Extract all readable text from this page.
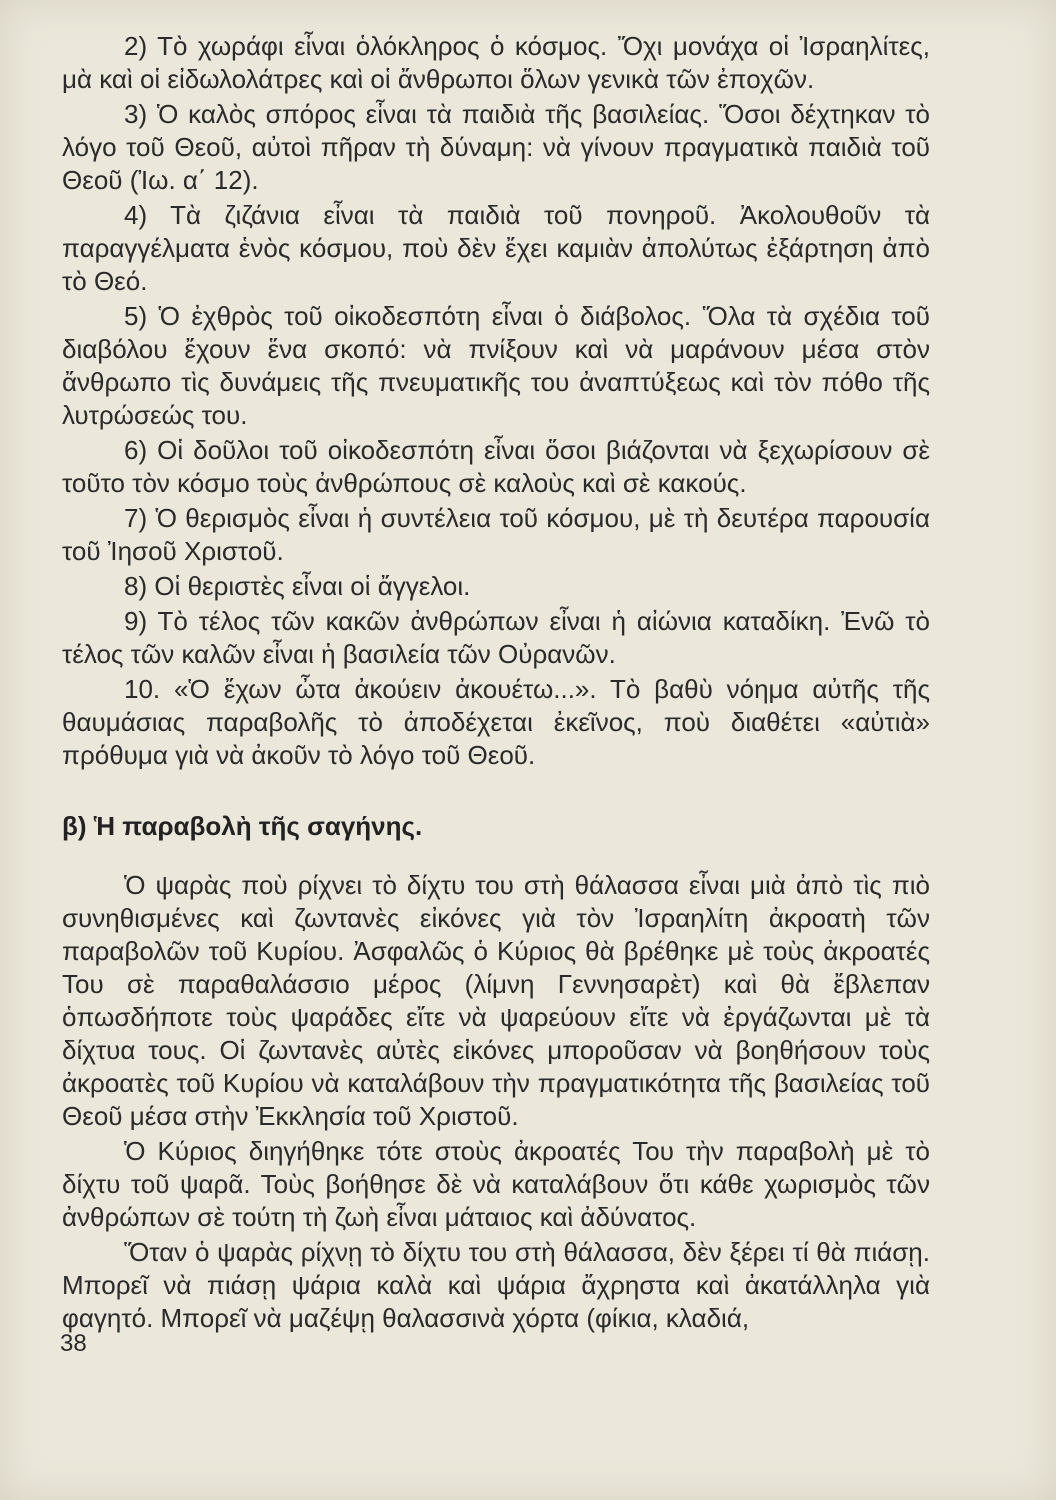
2) Τὸ χωράφι εἶναι ὁλόκληρος ὁ κόσμος. Ὄχι μονάχα οἱ Ἰσραηλίτες, μὰ καὶ οἱ εἰδωλολάτρες καὶ οἱ ἄνθρωποι ὅλων γενικὰ τῶν ἐποχῶν.

3) Ὁ καλὸς σπόρος εἶναι τὰ παιδιὰ τῆς βασιλείας. Ὅσοι δέχτηκαν τὸ λόγο τοῦ Θεοῦ, αὐτοὶ πῆραν τὴ δύναμη: νὰ γίνουν πραγματικὰ παιδιὰ τοῦ Θεοῦ (Ἰω. α΄ 12).

4) Τὰ ζιζάνια εἶναι τὰ παιδιὰ τοῦ πονηροῦ. Ἀκολουθοῦν τὰ παραγγέλματα ἑνὸς κόσμου, ποὺ δὲν ἔχει καμιὰν ἀπολύτως ἐξάρτηση ἀπὸ τὸ Θεό.

5) Ὁ ἐχθρὸς τοῦ οἰκοδεσπότη εἶναι ὁ διάβολος. Ὅλα τὰ σχέδια τοῦ διαβόλου ἔχουν ἕνα σκοπό: νὰ πνίξουν καὶ νὰ μαράνουν μέσα στὸν ἄνθρωπο τὶς δυνάμεις τῆς πνευματικῆς του ἀναπτύξεως καὶ τὸν πόθο τῆς λυτρώσεώς του.

6) Οἱ δοῦλοι τοῦ οἰκοδεσπότη εἶναι ὅσοι βιάζονται νὰ ξεχωρίσουν σὲ τοῦτο τὸν κόσμο τοὺς ἀνθρώπους σὲ καλοὺς καὶ σὲ κακούς.

7) Ὁ θερισμὸς εἶναι ἡ συντέλεια τοῦ κόσμου, μὲ τὴ δευτέρα παρουσία τοῦ Ἰησοῦ Χριστοῦ.

8) Οἱ θεριστὲς εἶναι οἱ ἄγγελοι.

9) Τὸ τέλος τῶν κακῶν ἀνθρώπων εἶναι ἡ αἰώνια καταδίκη. Ἐνῶ τὸ τέλος τῶν καλῶν εἶναι ἡ βασιλεία τῶν Οὐρανῶν.

10. «Ὁ ἔχων ὦτα ἀκούειν ἀκουέτω...». Τὸ βαθὺ νόημα αὐτῆς τῆς θαυμάσιας παραβολῆς τὸ ἀποδέχεται ἐκεῖνος, ποὺ διαθέτει «αὐτιὰ» πρόθυμα γιὰ νὰ ἀκοῦν τὸ λόγο τοῦ Θεοῦ.

β) Ἡ παραβολὴ τῆς σαγήνης.

Ὁ ψαρὰς ποὺ ρίχνει τὸ δίχτυ του στὴ θάλασσα εἶναι μιὰ ἀπὸ τὶς πιὸ συνηθισμένες καὶ ζωντανὲς εἰκόνες γιὰ τὸν Ἰσραηλίτη ἀκροατὴ τῶν παραβολῶν τοῦ Κυρίου. Ἀσφαλῶς ὁ Κύριος θὰ βρέθηκε μὲ τοὺς ἀκροατές Του σὲ παραθαλάσσιο μέρος (λίμνη Γεννησαρὲτ) καὶ θὰ ἔβλεπαν ὁπωσδήποτε τοὺς ψαράδες εἴτε νὰ ψαρεύουν εἴτε νὰ ἐργάζωνται μὲ τὰ δίχτυα τους. Οἱ ζωντανὲς αὐτὲς εἰκόνες μποροῦσαν νὰ βοηθήσουν τοὺς ἀκροατὲς τοῦ Κυρίου νὰ καταλάβουν τὴν πραγματικότητα τῆς βασιλείας τοῦ Θεοῦ μέσα στὴν Ἐκκλησία τοῦ Χριστοῦ.

Ὁ Κύριος διηγήθηκε τότε στοὺς ἀκροατές Του τὴν παραβολὴ μὲ τὸ δίχτυ τοῦ ψαρᾶ. Τοὺς βοήθησε δὲ νὰ καταλάβουν ὅτι κάθε χωρισμὸς τῶν ἀνθρώπων σὲ τούτη τὴ ζωὴ εἶναι μάταιος καὶ ἀδύνατος.

Ὅταν ὁ ψαρὰς ρίχνῃ τὸ δίχτυ του στὴ θάλασσα, δὲν ξέρει τί θὰ πιάσῃ. Μπορεῖ νὰ πιάσῃ ψάρια καλὰ καὶ ψάρια ἄχρηστα καὶ ἀκατάλληλα γιὰ φαγητό. Μπορεῖ νὰ μαζέψῃ θαλασσινὰ χόρτα (φίκια, κλαδιά,

38
